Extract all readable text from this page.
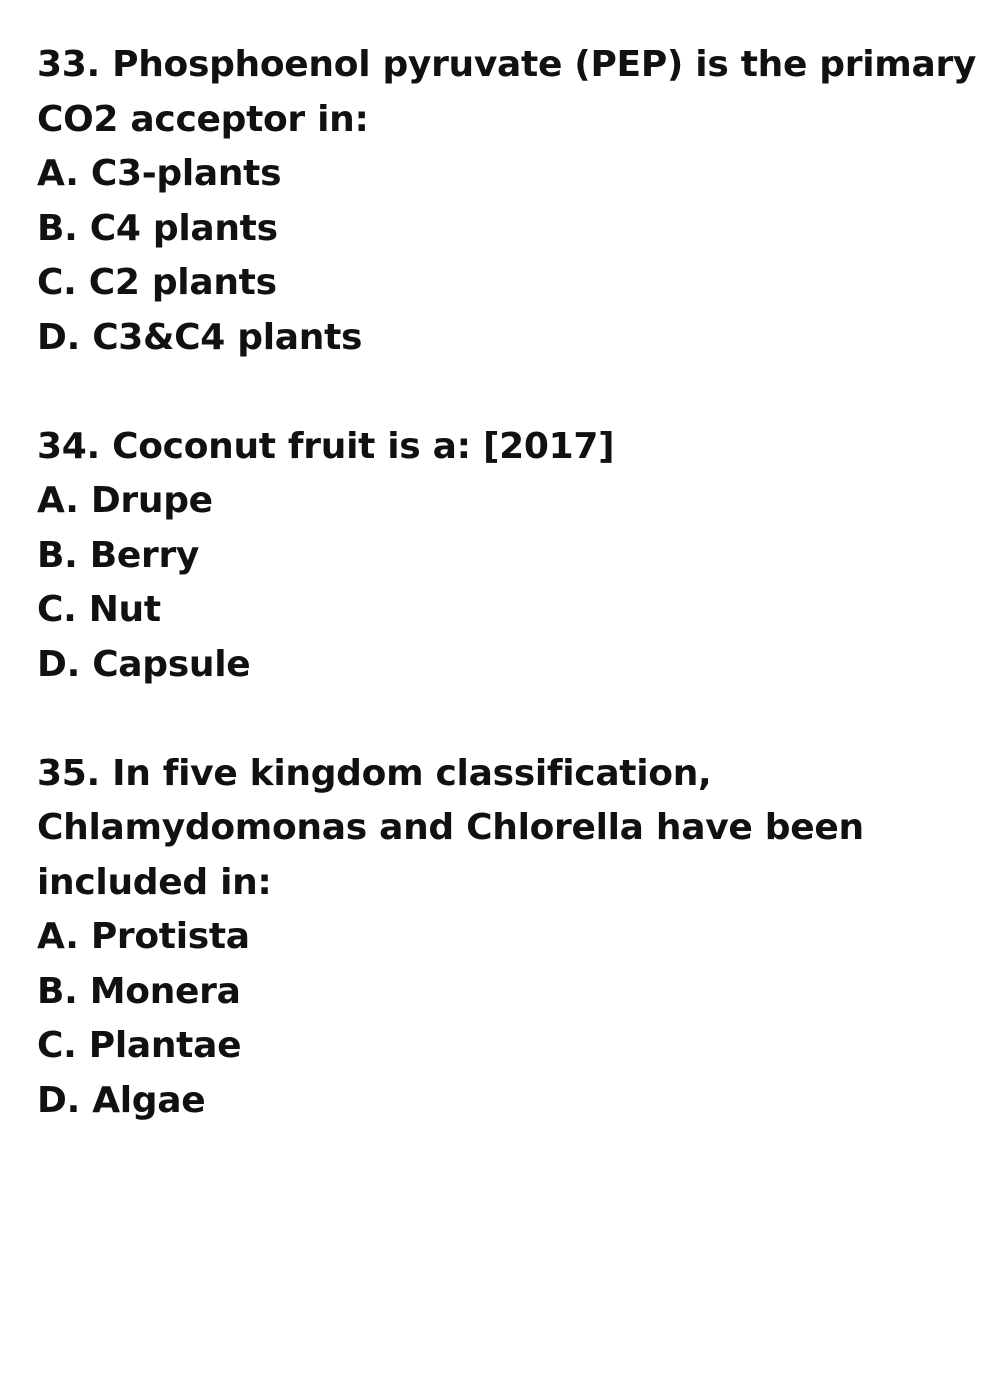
33. Phosphoenol pyruvate (PEP) is the primary
CO2 acceptor in:
A. C3-plants
B. C4 plants
C. C2 plants
D. C3&C4 plants
34. Coconut fruit is a: [2017]
A. Drupe
B. Berry
C. Nut
D. Capsule
35. In five kingdom classification,
Chlamydomonas and Chlorella have been
included in:
A. Protista
B. Monera
C. Plantae
D. Algae
